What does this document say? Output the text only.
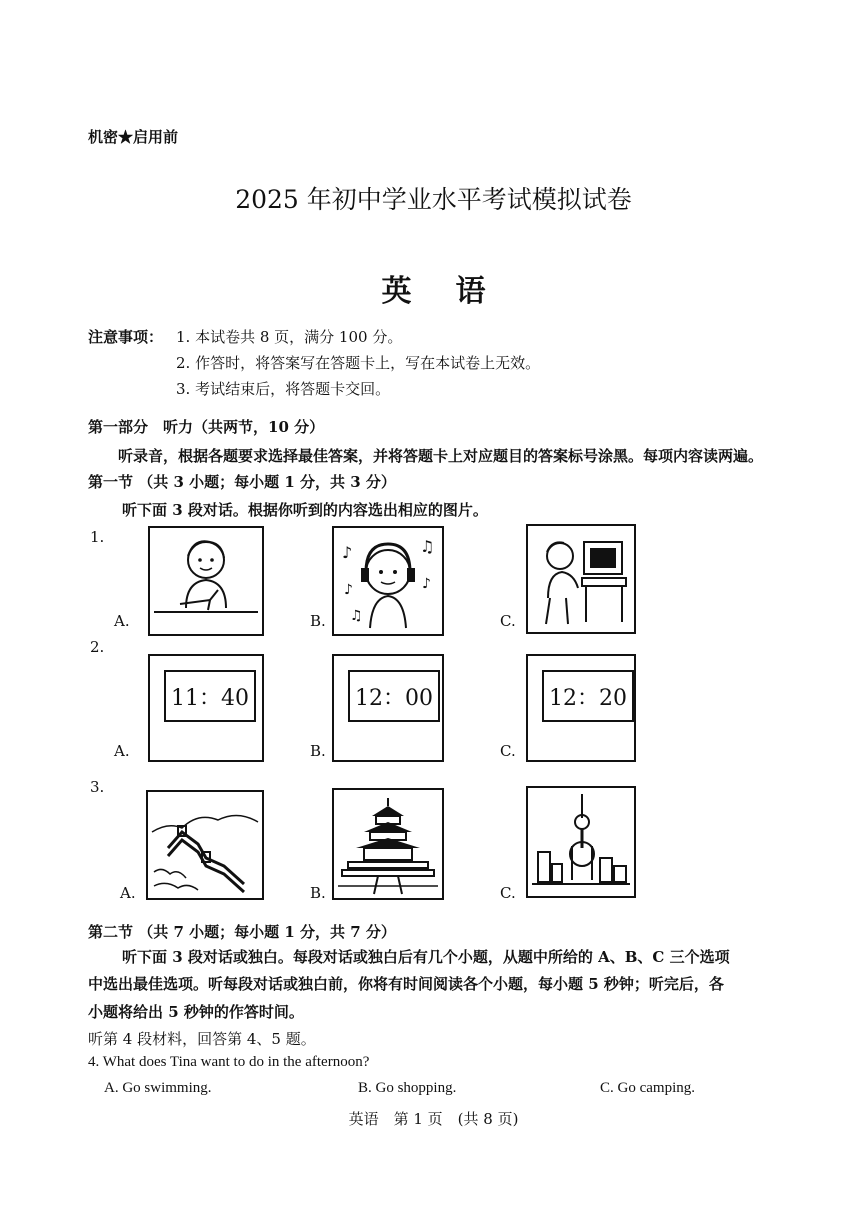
机密★启用前
2025 年初中学业水平考试模拟试卷
英语
注意事项： 1. 本试卷共 8 页，满分 100 分。
2. 作答时，将答案写在答题卡上，写在本试卷上无效。
3. 考试结束后，将答题卡交回。
第一部分　听力（共两节，10 分）
听录音，根据各题要求选择最佳答案，并将答题卡上对应题目的答案标号涂黑。每项内容读两遍。
第一节 （共 3 小题；每小题 1 分，共 3 分）
听下面 3 段对话。根据你听到的内容选出相应的图片。
1.
A.	B.
♪	♫
♪	♪
♫	C.
2.
A.
11：40
B.
12：00
C.
12：20
3.
A.	B.	C.
第二节 （共 7 小题；每小题 1 分，共 7 分）
听下面 3 段对话或独白。每段对话或独白后有几个小题，从题中所给的 A、B、C 三个选项
中选出最佳选项。听每段对话或独白前，你将有时间阅读各个小题，每小题 5 秒钟；听完后，各
小题将给出 5 秒钟的作答时间。
听第 4 段材料，回答第 4、5 题。
4. What does Tina want to do in the afternoon?
A. Go swimming.	B. Go shopping.	C. Go camping.
英语　第 1 页　(共 8 页)
